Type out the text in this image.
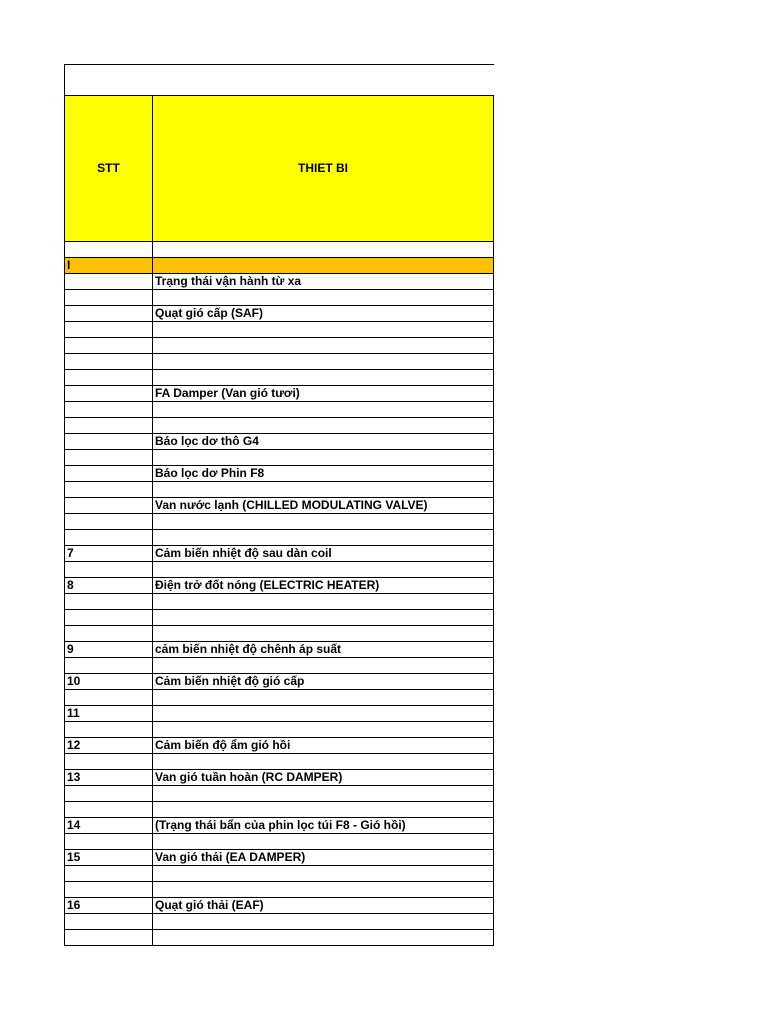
STT	THIET BI

I	
	Trạng thái vận hành từ xa

	Quạt gió cấp (SAF)

	FA Damper (Van gió tươi)

	Báo lọc dơ thô G4

	Báo lọc dơ Phin F8

	Van nước lạnh (CHILLED MODULATING VALVE)

7	Cảm biến nhiệt độ sau dàn coil

8	Điện trở đốt nóng (ELECTRIC HEATER)

9	cảm biến nhiệt độ chênh áp suất

10	Cảm biến nhiệt độ gió cấp

11	

12	Cảm biến độ ẩm gió hồi

13	Van gió tuần hoàn (RC DAMPER)

14	(Trạng thái bẩn của phin lọc túi F8 - Gió hồi)

15	Van gió thải (EA DAMPER)

16	Quạt gió thải (EAF)
